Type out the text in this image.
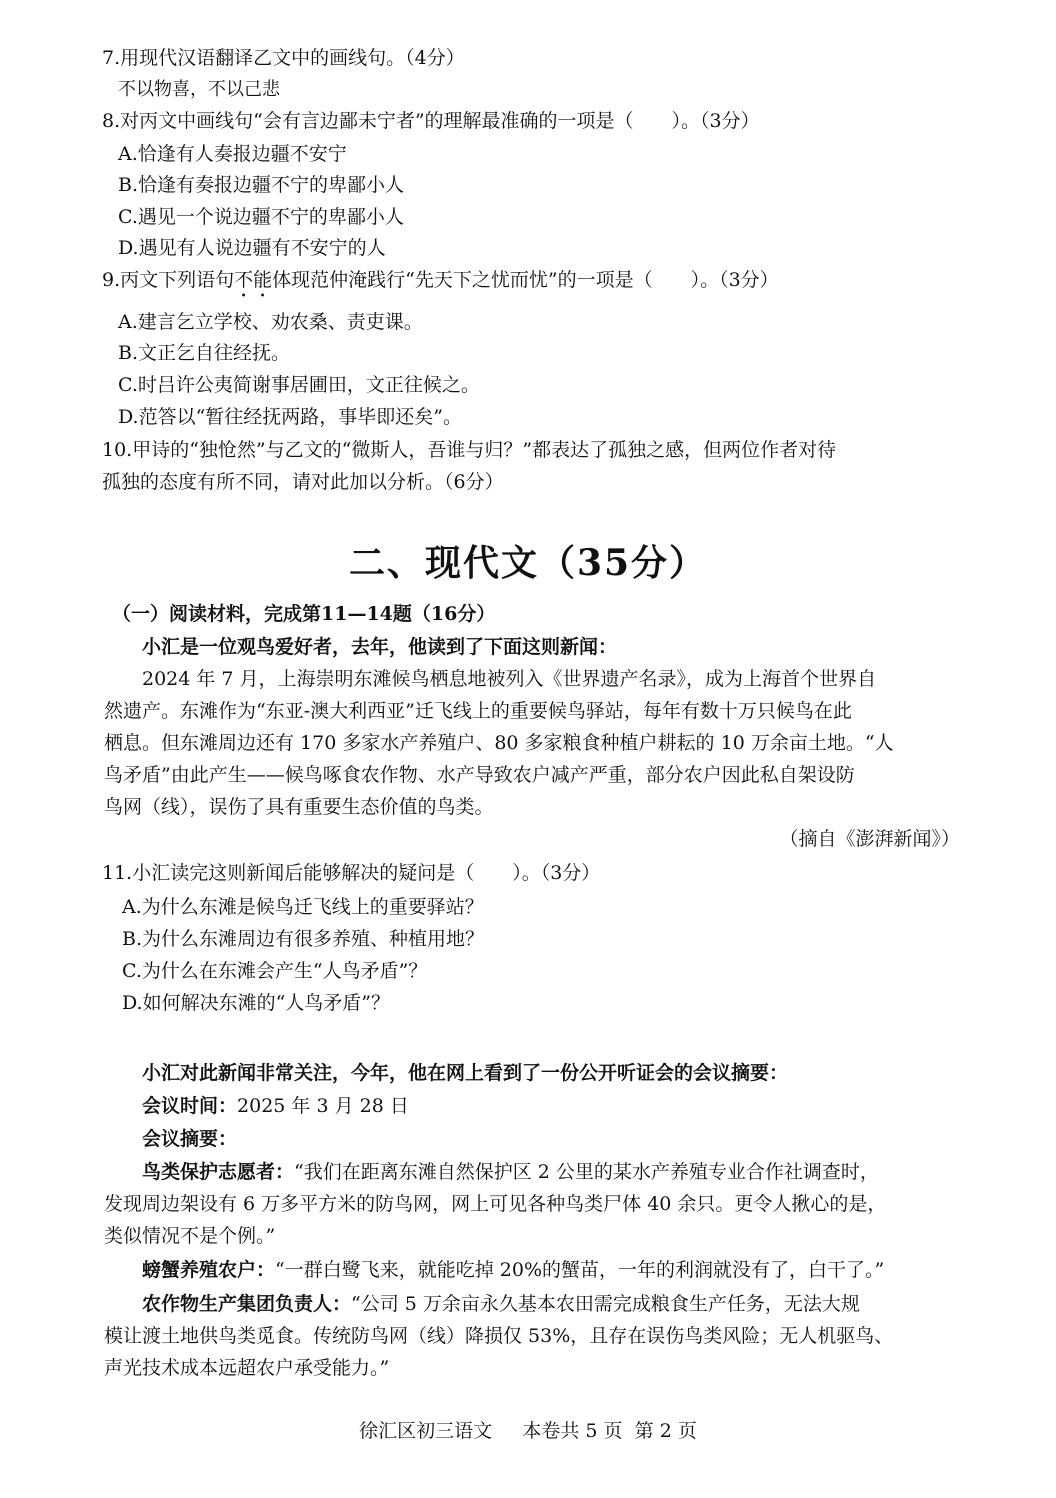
7.用现代汉语翻译乙文中的画线句。（4分）
不以物喜，不以己悲
8.对丙文中画线句“会有言边鄙未宁者”的理解最准确的一项是（　　）。（3分）
A.恰逢有人奏报边疆不安宁
B.恰逢有奏报边疆不宁的卑鄙小人
C.遇见一个说边疆不宁的卑鄙小人
D.遇见有人说边疆有不安宁的人
9.丙文下列语句不能体现范仲淹践行“先天下之忧而忧”的一项是（　　）。（3分）
A.建言乞立学校、劝农桑、责吏课。
B.文正乞自往经抚。
C.时吕许公夷简谢事居圃田，文正往候之。
D.范答以“暂往经抚两路，事毕即还矣”。
10.甲诗的“独怆然”与乙文的“微斯人，吾谁与归？”都表达了孤独之感，但两位作者对待
孤独的态度有所不同，请对此加以分析。（6分）
二、现代文（35分）
（一）阅读材料，完成第11—14题（16分）
小汇是一位观鸟爱好者，去年，他读到了下面这则新闻：
2024 年 7 月，上海崇明东滩候鸟栖息地被列入《世界遗产名录》，成为上海首个世界自
然遗产。东滩作为“东亚-澳大利西亚”迁飞线上的重要候鸟驿站，每年有数十万只候鸟在此
栖息。但东滩周边还有 170 多家水产养殖户、80 多家粮食种植户耕耘的 10 万余亩土地。“人
鸟矛盾”由此产生——候鸟啄食农作物、水产导致农户减产严重，部分农户因此私自架设防
鸟网（线），误伤了具有重要生态价值的鸟类。
（摘自《澎湃新闻》）
11.小汇读完这则新闻后能够解决的疑问是（　　）。（3分）
A.为什么东滩是候鸟迁飞线上的重要驿站？
B.为什么东滩周边有很多养殖、种植用地？
C.为什么在东滩会产生“人鸟矛盾”？
D.如何解决东滩的“人鸟矛盾”？
小汇对此新闻非常关注，今年，他在网上看到了一份公开听证会的会议摘要：
会议时间：2025 年 3 月 28 日
会议摘要：
鸟类保护志愿者：“我们在距离东滩自然保护区 2 公里的某水产养殖专业合作社调查时，
发现周边架设有 6 万多平方米的防鸟网，网上可见各种鸟类尸体 40 余只。更令人揪心的是，
类似情况不是个例。”
螃蟹养殖农户：“一群白鹭飞来，就能吃掉 20%的蟹苗，一年的利润就没有了，白干了。”
农作物生产集团负责人：“公司 5 万余亩永久基本农田需完成粮食生产任务，无法大规
模让渡土地供鸟类觅食。传统防鸟网（线）降损仅 53%，且存在误伤鸟类风险；无人机驱鸟、
声光技术成本远超农户承受能力。”
徐汇区初三语文 本卷共 5 页 第 2 页
